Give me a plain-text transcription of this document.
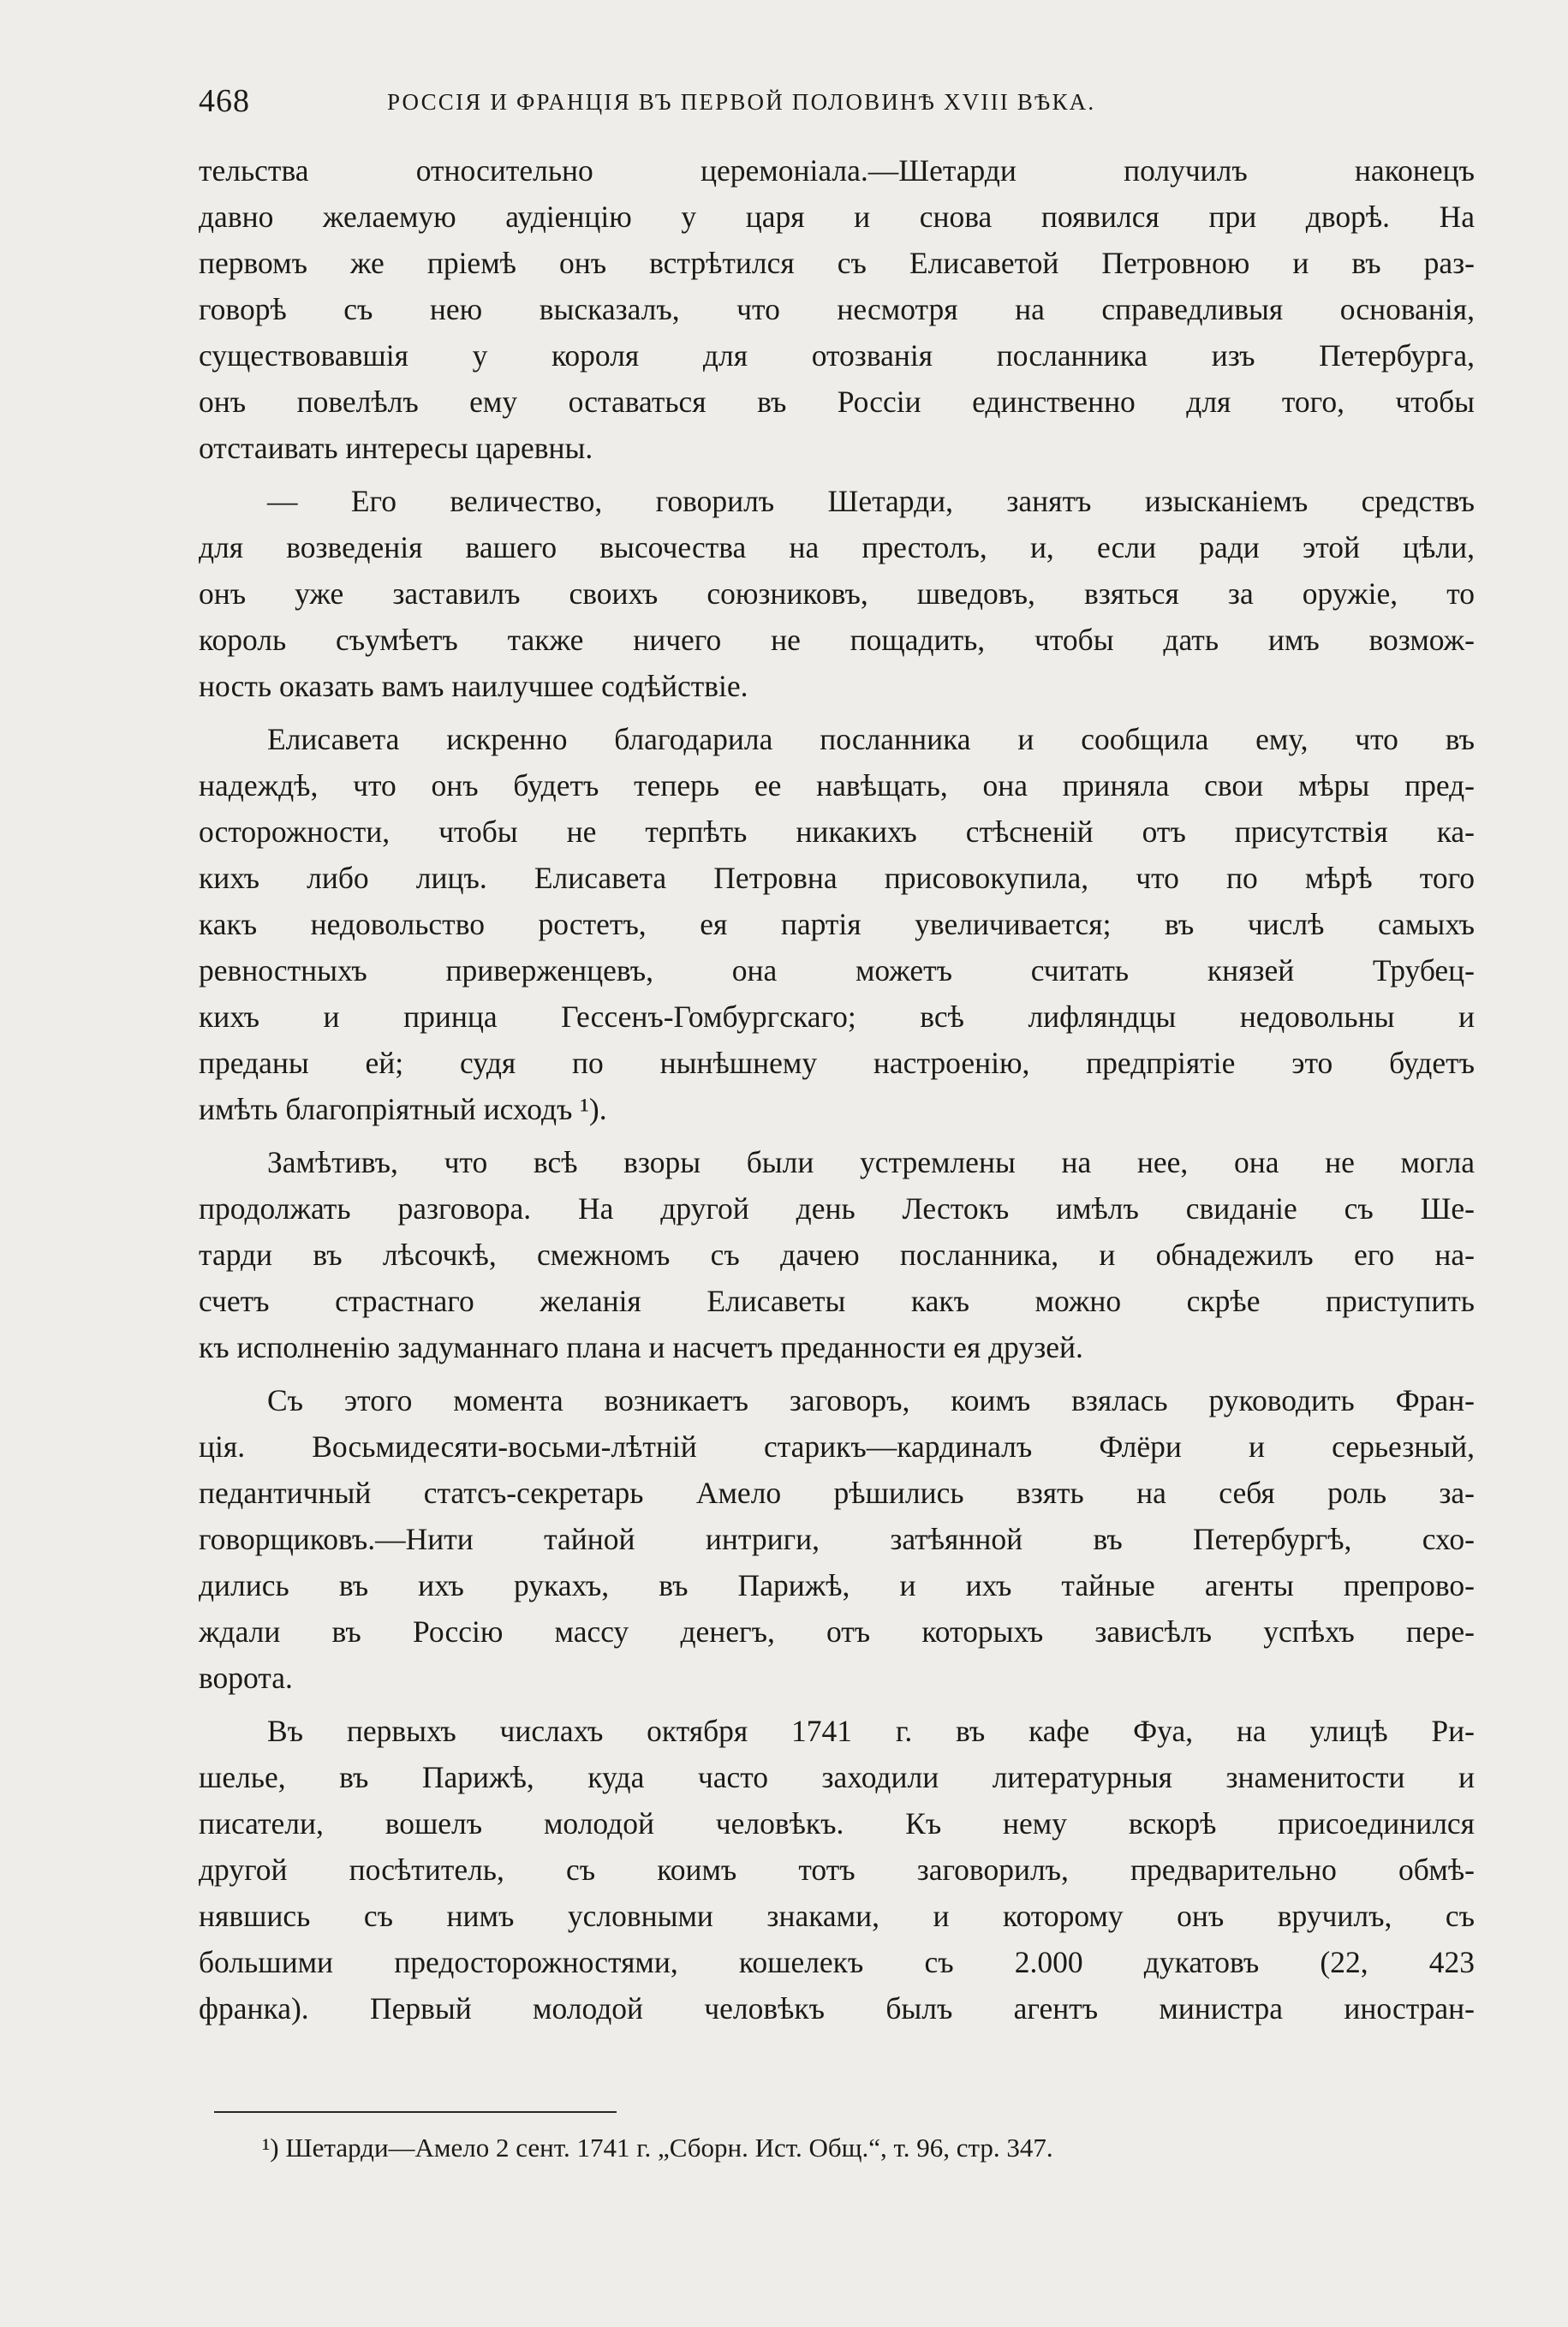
468	РОССІЯ И ФРАНЦІЯ ВЪ ПЕРВОЙ ПОЛОВИНѢ XVIII ВѢКА.
тельства относительно церемоніала.—Шетарди получилъ наконецъ
давно желаемую аудіенцію у царя и снова появился при дворѣ. На
первомъ же пріемѣ онъ встрѣтился съ Елисаветой Петровною и въ раз-
говорѣ съ нею высказалъ, что несмотря на справедливыя основанія,
существовавшія у короля для отозванія посланника изъ Петербурга,
онъ повелѣлъ ему оставаться въ Россіи единственно для того, чтобы
отстаивать интересы царевны.
— Его величество, говорилъ Шетарди, занятъ изысканіемъ средствъ
для возведенія вашего высочества на престолъ, и, если ради этой цѣли,
онъ уже заставилъ своихъ союзниковъ, шведовъ, взяться за оружіе, то
король съумѣетъ также ничего не пощадить, чтобы дать имъ возмож-
ность оказать вамъ наилучшее содѣйствіе.
Елисавета искренно благодарила посланника и сообщила ему, что въ
надеждѣ, что онъ будетъ теперь ее навѣщать, она приняла свои мѣры пред-
осторожности, чтобы не терпѣть никакихъ стѣсненій отъ присутствія ка-
кихъ либо лицъ. Елисавета Петровна присовокупила, что по мѣрѣ того
какъ недовольство ростетъ, ея партія увеличивается; въ числѣ самыхъ
ревностныхъ приверженцевъ, она можетъ считать князей Трубец-
кихъ и принца Гессенъ-Гомбургскаго; всѣ лифляндцы недовольны и
преданы ей; судя по нынѣшнему настроенію, предпріятіе это будетъ
имѣть благопріятный исходъ ¹).
Замѣтивъ, что всѣ взоры были устремлены на нее, она не могла
продолжать разговора. На другой день Лестокъ имѣлъ свиданіе съ Ше-
тарди въ лѣсочкѣ, смежномъ съ дачею посланника, и обнадежилъ его на-
счетъ страстнаго желанія Елисаветы какъ можно скрѣе приступить
къ исполненію задуманнаго плана и насчетъ преданности ея друзей.
Съ этого момента возникаетъ заговоръ, коимъ взялась руководить Фран-
ція. Восьмидесяти-восьми-лѣтній старикъ—кардиналъ Флёри и серьезный,
педантичный статсъ-секретарь Амело рѣшились взять на себя роль за-
говорщиковъ.—Нити тайной интриги, затѣянной въ Петербургѣ, схо-
дились въ ихъ рукахъ, въ Парижѣ, и ихъ тайные агенты препрово-
ждали въ Россію массу денегъ, отъ которыхъ зависѣлъ успѣхъ пере-
ворота.
Въ первыхъ числахъ октября 1741 г. въ кафе Фуа, на улицѣ Ри-
шелье, въ Парижѣ, куда часто заходили литературныя знаменитости и
писатели, вошелъ молодой человѣкъ. Къ нему вскорѣ присоединился
другой посѣтитель, съ коимъ тотъ заговорилъ, предварительно обмѣ-
нявшись съ нимъ условными знаками, и которому онъ вручилъ, съ
большими предосторожностями, кошелекъ съ 2.000 дукатовъ (22, 423
франка). Первый молодой человѣкъ былъ агентъ министра иностран-
¹) Шетарди—Амело 2 сент. 1741 г. „Сборн. Ист. Общ.“, т. 96, стр. 347.
